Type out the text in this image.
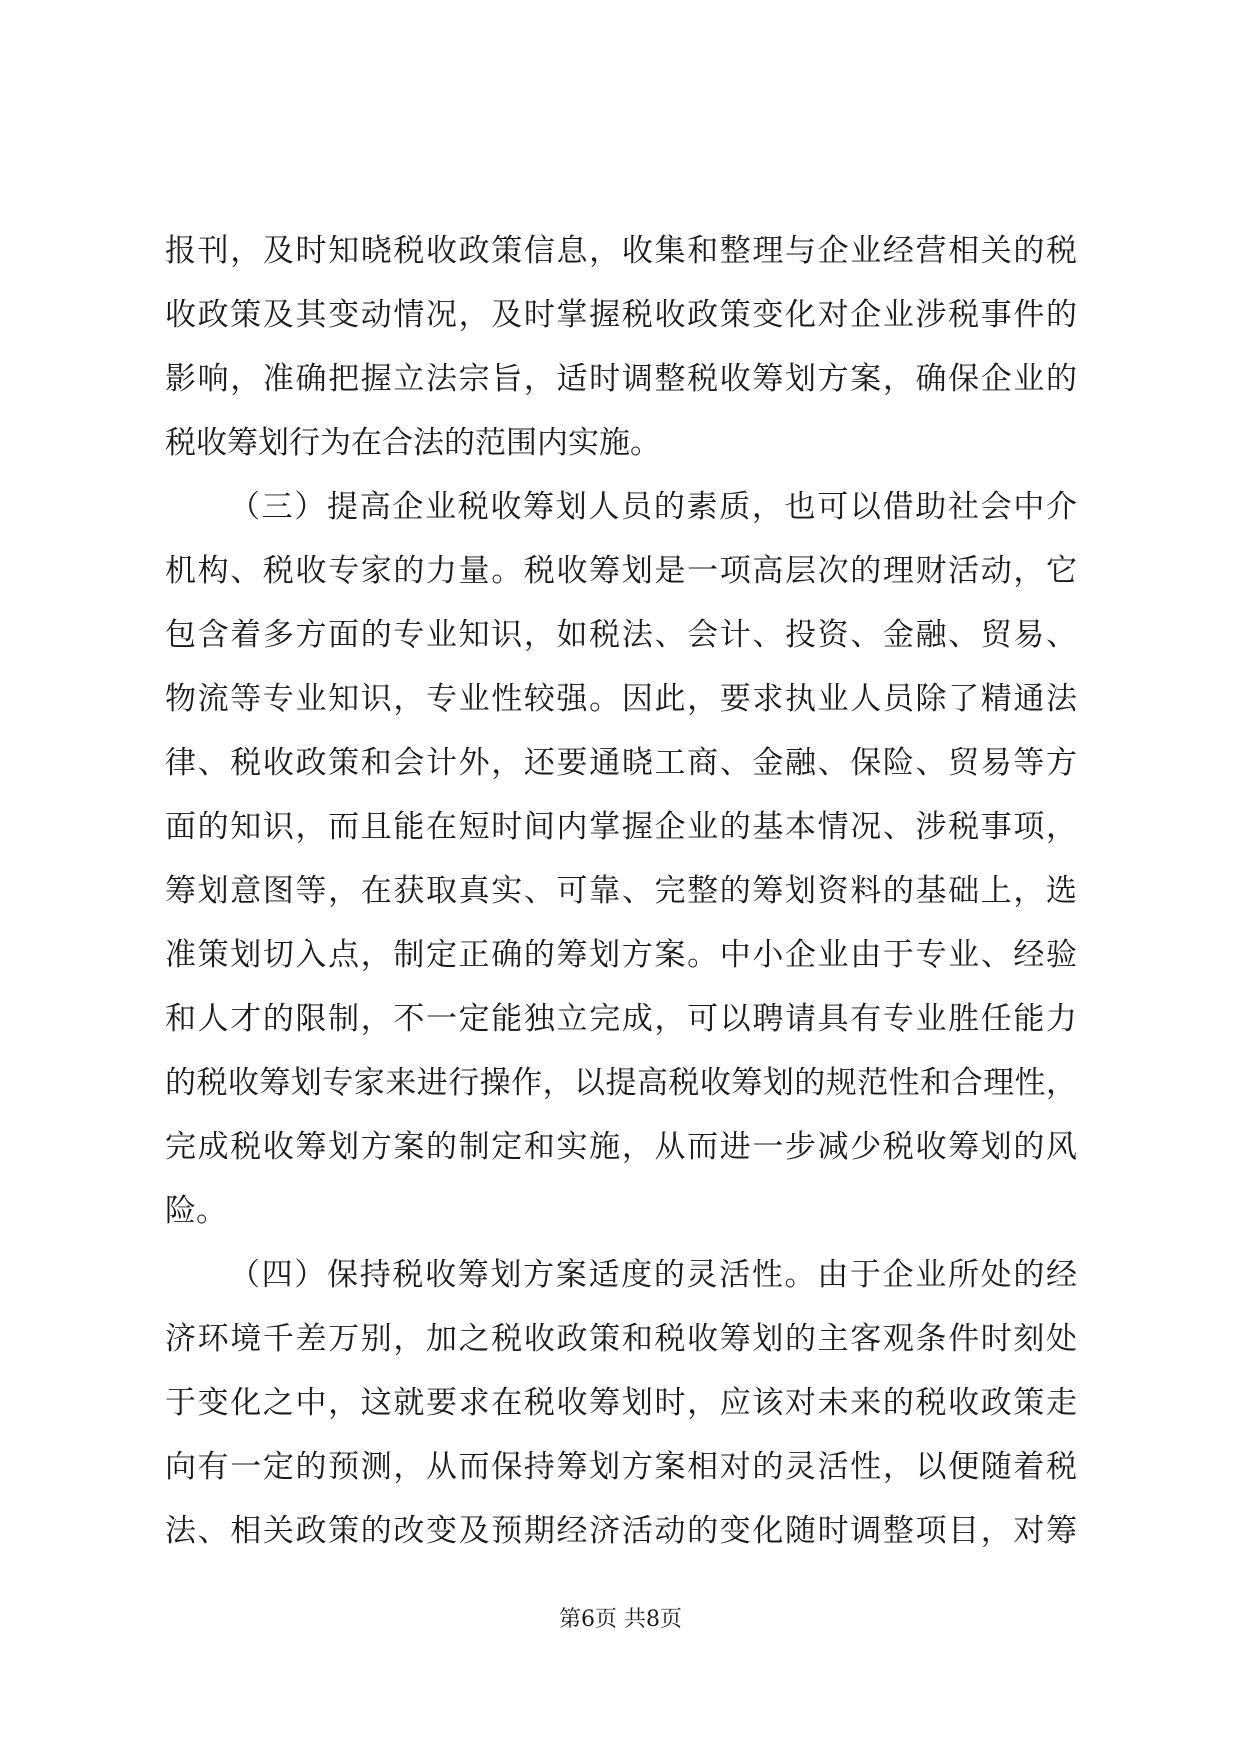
报刊，及时知晓税收政策信息，收集和整理与企业经营相关的税
收政策及其变动情况，及时掌握税收政策变化对企业涉税事件的
影响，准确把握立法宗旨，适时调整税收筹划方案，确保企业的
税收筹划行为在合法的范围内实施。
（三）提高企业税收筹划人员的素质，也可以借助社会中介
机构、税收专家的力量。税收筹划是一项高层次的理财活动，它
包含着多方面的专业知识，如税法、会计、投资、金融、贸易、
物流等专业知识，专业性较强。因此，要求执业人员除了精通法
律、税收政策和会计外，还要通晓工商、金融、保险、贸易等方
面的知识，而且能在短时间内掌握企业的基本情况、涉税事项，
筹划意图等，在获取真实、可靠、完整的筹划资料的基础上，选
准策划切入点，制定正确的筹划方案。中小企业由于专业、经验
和人才的限制，不一定能独立完成，可以聘请具有专业胜任能力
的税收筹划专家来进行操作，以提高税收筹划的规范性和合理性，
完成税收筹划方案的制定和实施，从而进一步减少税收筹划的风
险。
（四）保持税收筹划方案适度的灵活性。由于企业所处的经
济环境千差万别，加之税收政策和税收筹划的主客观条件时刻处
于变化之中，这就要求在税收筹划时，应该对未来的税收政策走
向有一定的预测，从而保持筹划方案相对的灵活性，以便随着税
法、相关政策的改变及预期经济活动的变化随时调整项目，对筹
第6页 共8页
